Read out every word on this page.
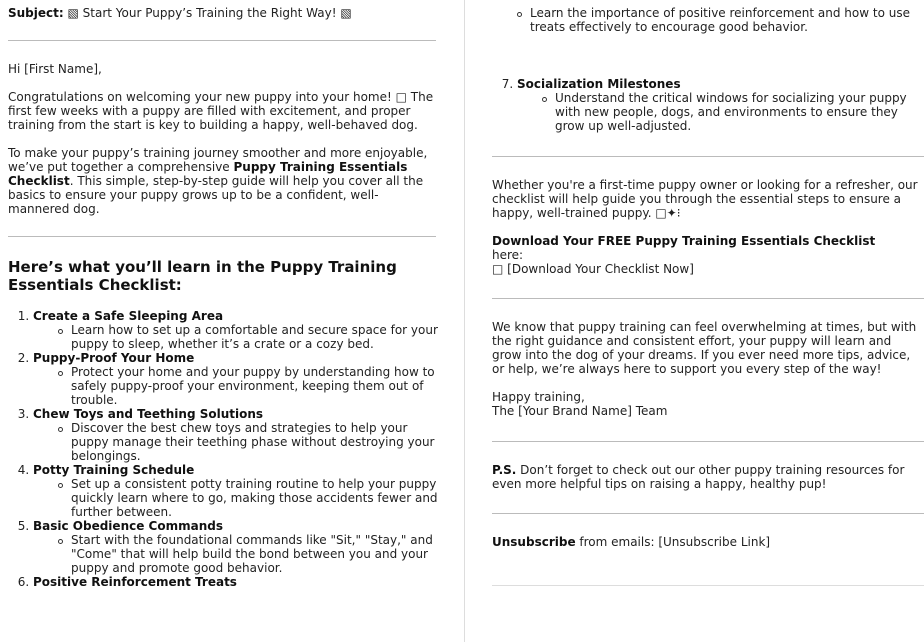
Subject: ▧ Start Your Puppy’s Training the Right Way! ▧

Hi [First Name],

Congratulations on welcoming your new puppy into your home! □ The first few weeks with a puppy are filled with excitement, and proper training from the start is key to building a happy, well-behaved dog.

To make your puppy’s training journey smoother and more enjoyable, we’ve put together a comprehensive Puppy Training Essentials Checklist. This simple, step-by-step guide will help you cover all the basics to ensure your puppy grows up to be a confident, well-mannered dog.

Here’s what you’ll learn in the Puppy Training Essentials Checklist:
1. Create a Safe Sleeping Area
Learn how to set up a comfortable and secure space for your puppy to sleep, whether it’s a crate or a cozy bed.
2. Puppy-Proof Your Home
Protect your home and your puppy by understanding how to safely puppy-proof your environment, keeping them out of trouble.
3. Chew Toys and Teething Solutions
Discover the best chew toys and strategies to help your puppy manage their teething phase without destroying your belongings.
4. Potty Training Schedule
Set up a consistent potty training routine to help your puppy quickly learn where to go, making those accidents fewer and further between.
5. Basic Obedience Commands
Start with the foundational commands like "Sit," "Stay," and "Come" that will help build the bond between you and your puppy and promote good behavior.
6. Positive Reinforcement Treats
Learn the importance of positive reinforcement and how to use treats effectively to encourage good behavior.
7. Socialization Milestones
Understand the critical windows for socializing your puppy with new people, dogs, and environments to ensure they grow up well-adjusted.

Whether you're a first-time puppy owner or looking for a refresher, our checklist will help guide you through the essential steps to ensure a happy, well-trained puppy. □✦⁝

Download Your FREE Puppy Training Essentials Checklist
here:
□ [Download Your Checklist Now]

We know that puppy training can feel overwhelming at times, but with the right guidance and consistent effort, your puppy will learn and grow into the dog of your dreams. If you ever need more tips, advice, or help, we’re always here to support you every step of the way!

Happy training,
The [Your Brand Name] Team

P.S. Don’t forget to check out our other puppy training resources for even more helpful tips on raising a happy, healthy pup!

Unsubscribe from emails: [Unsubscribe Link]
